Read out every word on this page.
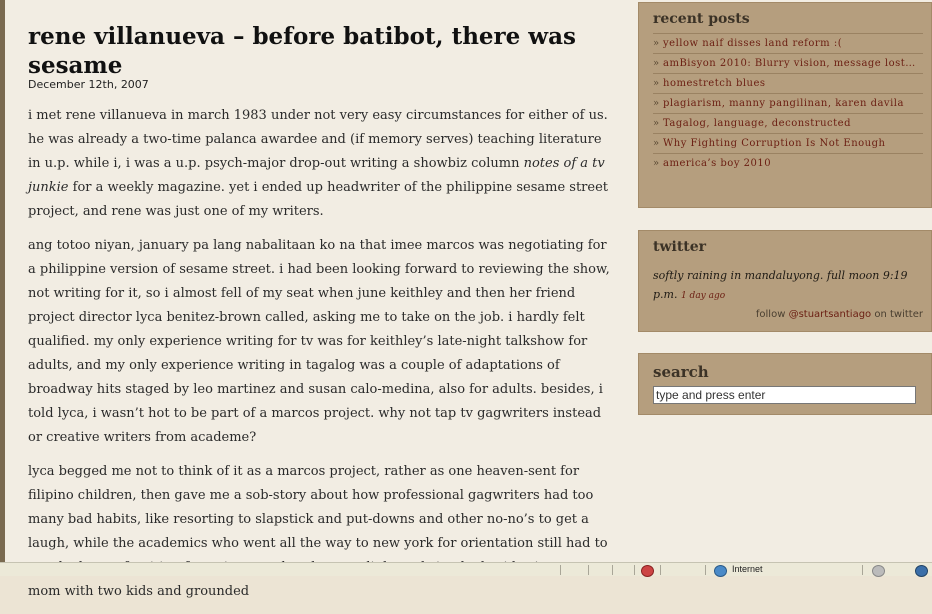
rene villanueva – before batibot, there was sesame
December 12th, 2007

i met rene villanueva in march 1983 under not very easy circumstances for either of us. he was already a two-time palanca awardee and (if memory serves) teaching literature in u.p. while i, i was a u.p. psych-major drop-out writing a showbiz column notes of a tv junkie for a weekly magazine. yet i ended up headwriter of the philippine sesame street project, and rene was just one of my writers.

ang totoo niyan, january pa lang nabalitaan ko na that imee marcos was negotiating for a philippine version of sesame street. i had been looking forward to reviewing the show, not writing for it, so i almost fell of my seat when june keithley and then her friend project director lyca benitez-brown called, asking me to take on the job. i hardly felt qualified. my only experience writing for tv was for keithley’s late-night talkshow for adults, and my only experience writing in tagalog was a couple of adaptations of broadway hits staged by leo martinez and susan calo-medina, also for adults. besides, i told lyca, i wasn’t hot to be part of a marcos project. why not tap tv gagwriters instead or creative writers from academe?

lyca begged me not to think of it as a marcos project, rather as one heaven-sent for filipino children, then gave me a sob-story about how professional gagwriters had too many bad habits, like resorting to slapstick and put-downs and other no-no’s to get a laugh, while the academics who went all the way to new york for orientation still had to mom with two kids and grounded

recent posts
» yellow naif disses land reform :(
» amBisyon 2010: Blurry vision, message lost…
» homestretch blues
» plagiarism, manny pangilinan, karen davila
» Tagalog, language, deconstructed
» Why Fighting Corruption Is Not Enough
» america’s boy 2010
twitter
softly raining in mandaluyong. full moon 9:19 p.m. 1 day ago
follow @stuartsantiago on twitter
search
type and press enter
Internet
